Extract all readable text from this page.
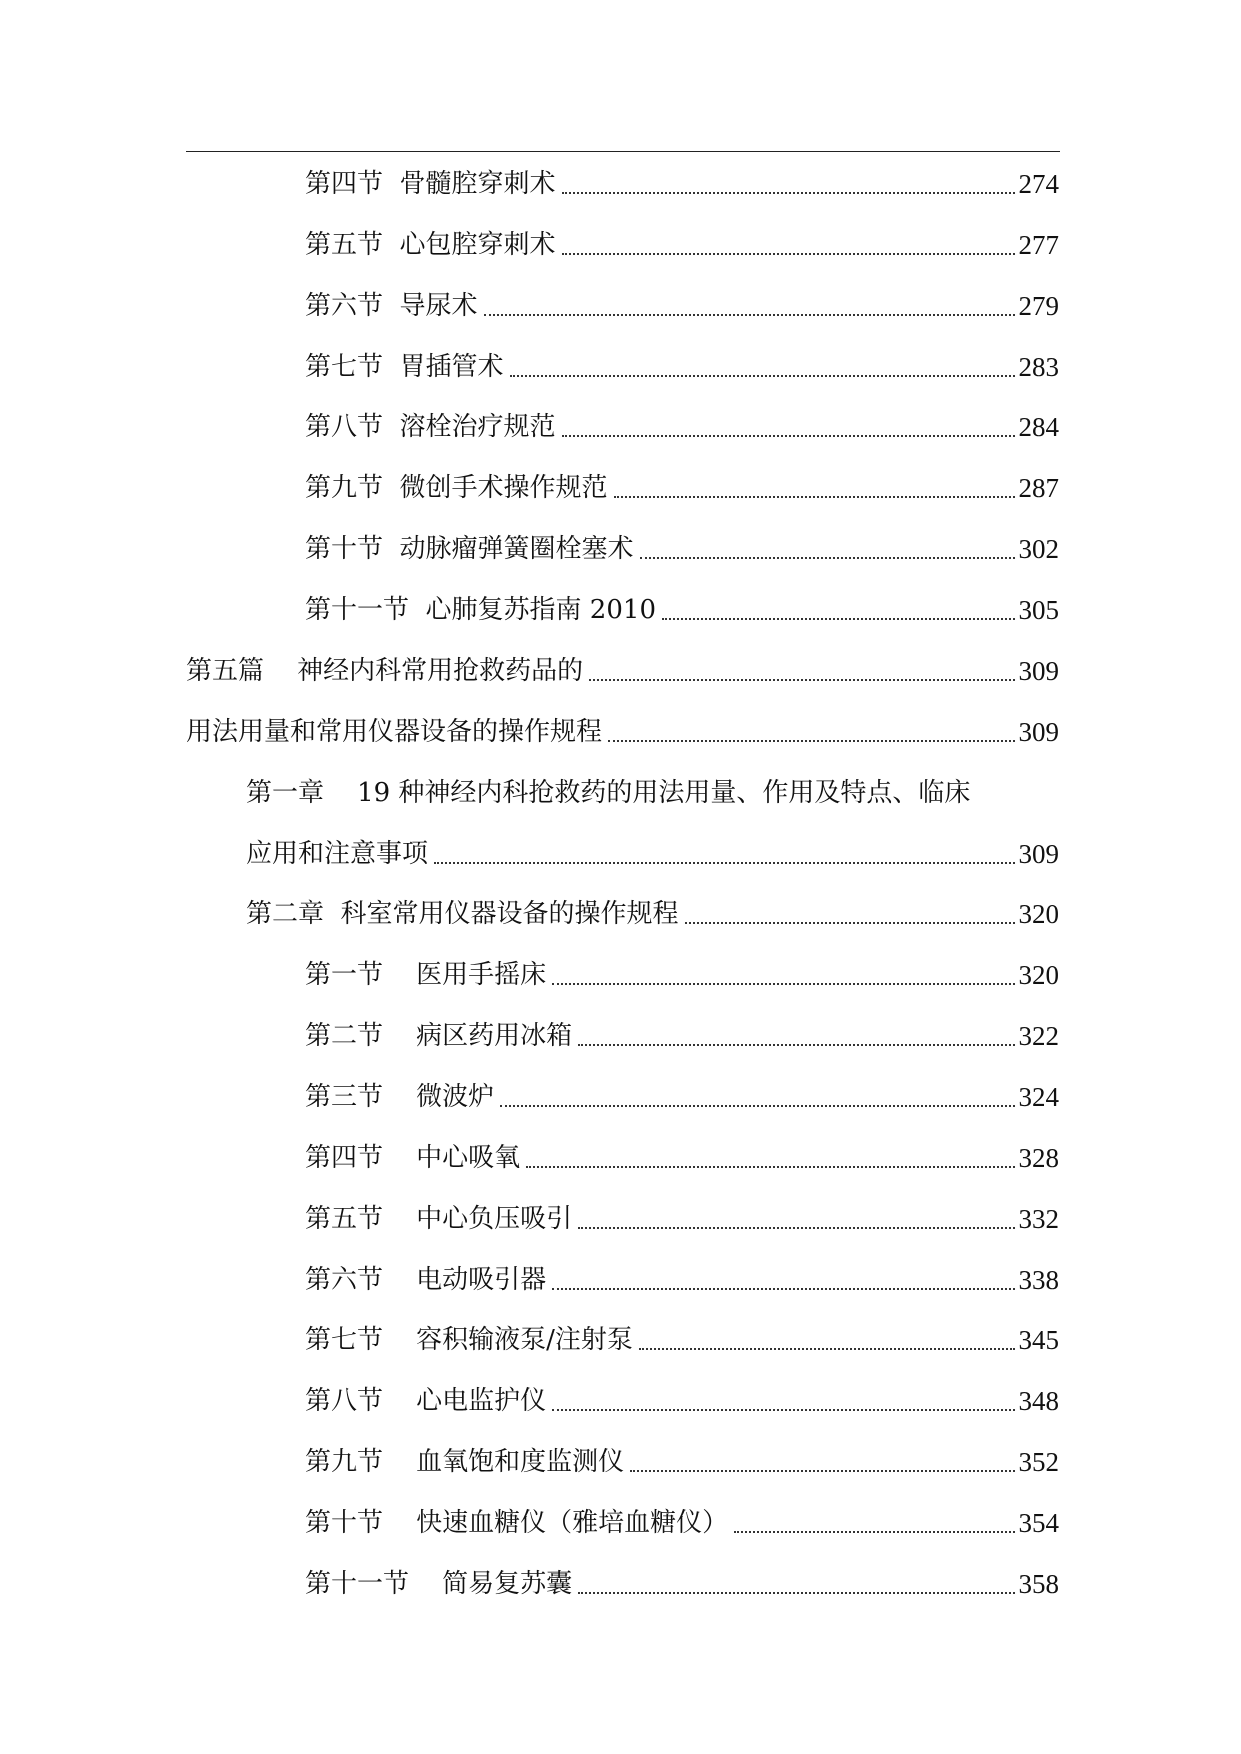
第四节 骨髓腔穿刺术	274
第五节 心包腔穿刺术	277
第六节 导尿术	279
第七节 胃插管术	283
第八节 溶栓治疗规范	284
第九节 微创手术操作规范	287
第十节 动脉瘤弹簧圈栓塞术	302
第十一节 心肺复苏指南 2010	305
第五篇 神经内科常用抢救药品的	309
用法用量和常用仪器设备的操作规程	309
第一章 19 种神经内科抢救药的用法用量、作用及特点、临床
应用和注意事项	309
第二章 科室常用仪器设备的操作规程	320
第一节 医用手摇床	320
第二节 病区药用冰箱	322
第三节 微波炉	324
第四节 中心吸氧	328
第五节 中心负压吸引	332
第六节 电动吸引器	338
第七节 容积输液泵/注射泵	345
第八节 心电监护仪	348
第九节 血氧饱和度监测仪	352
第十节 快速血糖仪（雅培血糖仪）	354
第十一节 简易复苏囊	358
